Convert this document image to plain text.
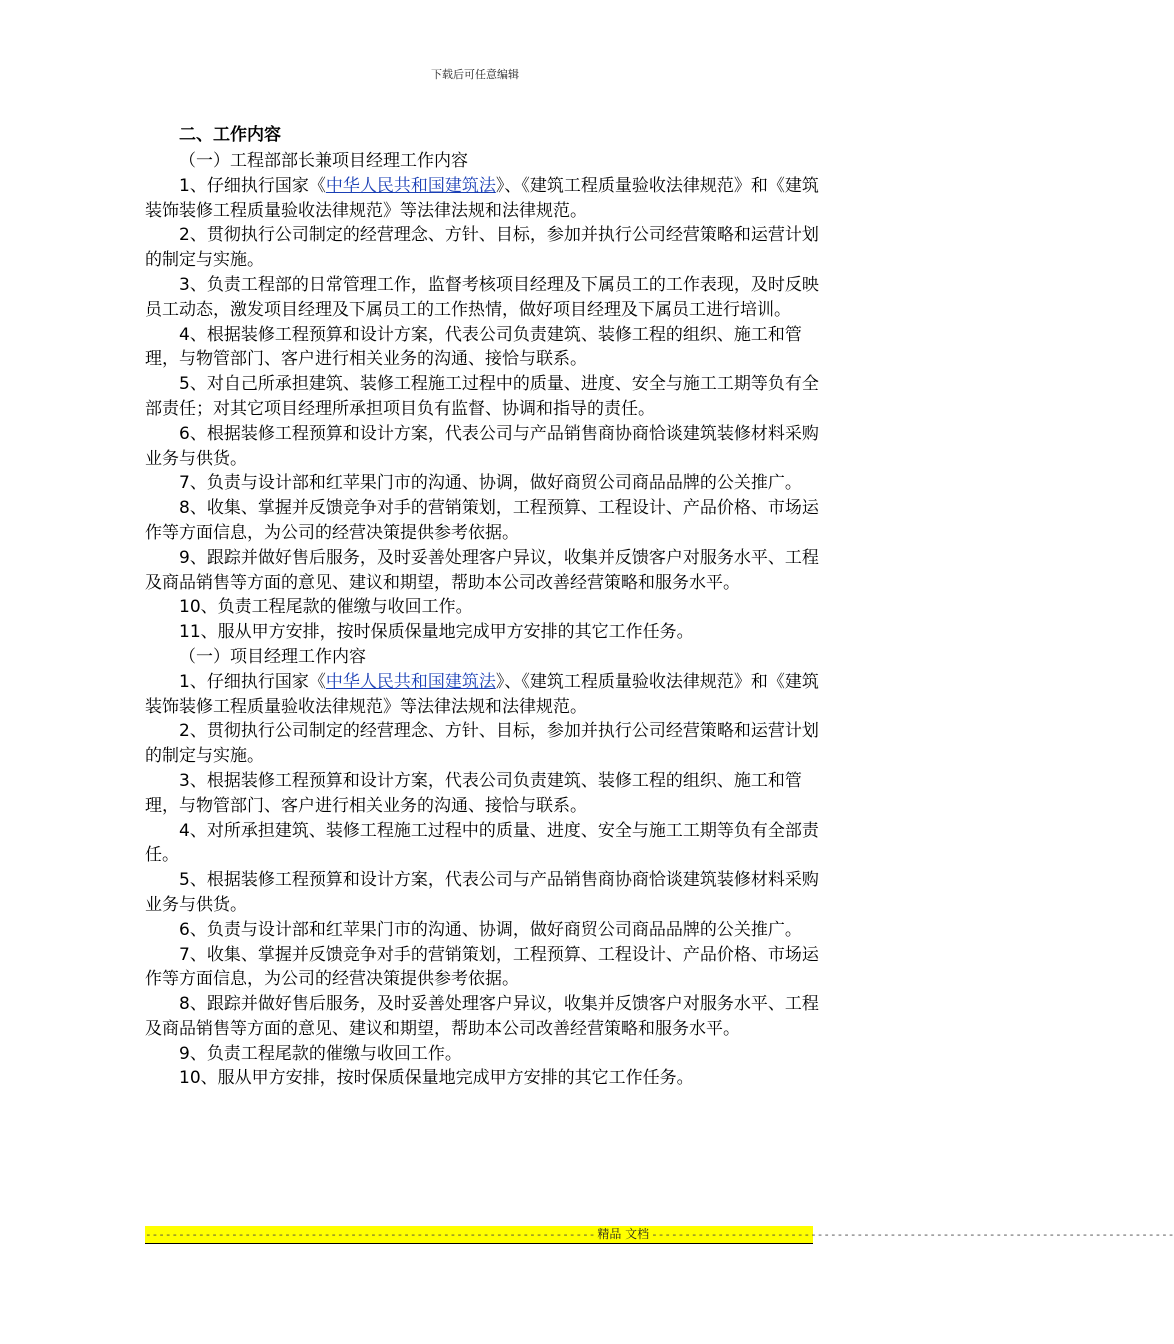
下载后可任意编辑

二、工作内容

（一）工程部部长兼项目经理工作内容

1、仔细执行国家《中华人民共和国建筑法》、《建筑工程质量验收法律规范》和《建筑装饰装修工程质量验收法律规范》等法律法规和法律规范。

2、贯彻执行公司制定的经营理念、方针、目标，参加并执行公司经营策略和运营计划的制定与实施。

3、负责工程部的日常管理工作，监督考核项目经理及下属员工的工作表现，及时反映员工动态，激发项目经理及下属员工的工作热情，做好项目经理及下属员工进行培训。

4、根据装修工程预算和设计方案，代表公司负责建筑、装修工程的组织、施工和管理，与物管部门、客户进行相关业务的沟通、接恰与联系。

5、对自己所承担建筑、装修工程施工过程中的质量、进度、安全与施工工期等负有全部责任；对其它项目经理所承担项目负有监督、协调和指导的责任。

6、根据装修工程预算和设计方案，代表公司与产品销售商协商恰谈建筑装修材料采购业务与供货。

7、负责与设计部和红苹果门市的沟通、协调，做好商贸公司商品品牌的公关推广。

8、收集、掌握并反馈竞争对手的营销策划，工程预算、工程设计、产品价格、市场运作等方面信息，为公司的经营决策提供参考依据。

9、跟踪并做好售后服务，及时妥善处理客户异议，收集并反馈客户对服务水平、工程及商品销售等方面的意见、建议和期望，帮助本公司改善经营策略和服务水平。

10、负责工程尾款的催缴与收回工作。

11、服从甲方安排，按时保质保量地完成甲方安排的其它工作任务。

（一）项目经理工作内容

1、仔细执行国家《中华人民共和国建筑法》、《建筑工程质量验收法律规范》和《建筑装饰装修工程质量验收法律规范》等法律法规和法律规范。

2、贯彻执行公司制定的经营理念、方针、目标，参加并执行公司经营策略和运营计划的制定与实施。

3、根据装修工程预算和设计方案，代表公司负责建筑、装修工程的组织、施工和管理，与物管部门、客户进行相关业务的沟通、接恰与联系。

4、对所承担建筑、装修工程施工过程中的质量、进度、安全与施工工期等负有全部责任。

5、根据装修工程预算和设计方案，代表公司与产品销售商协商恰谈建筑装修材料采购业务与供货。

6、负责与设计部和红苹果门市的沟通、协调，做好商贸公司商品品牌的公关推广。

7、收集、掌握并反馈竞争对手的营销策划，工程预算、工程设计、产品价格、市场运作等方面信息，为公司的经营决策提供参考依据。

8、跟踪并做好售后服务，及时妥善处理客户异议，收集并反馈客户对服务水平、工程及商品销售等方面的意见、建议和期望，帮助本公司改善经营策略和服务水平。

9、负责工程尾款的催缴与收回工作。

10、服从甲方安排，按时保质保量地完成甲方安排的其它工作任务。

-------------------------------------------------------------------- 精品 文档 -------------------------------------------------------------------------------
